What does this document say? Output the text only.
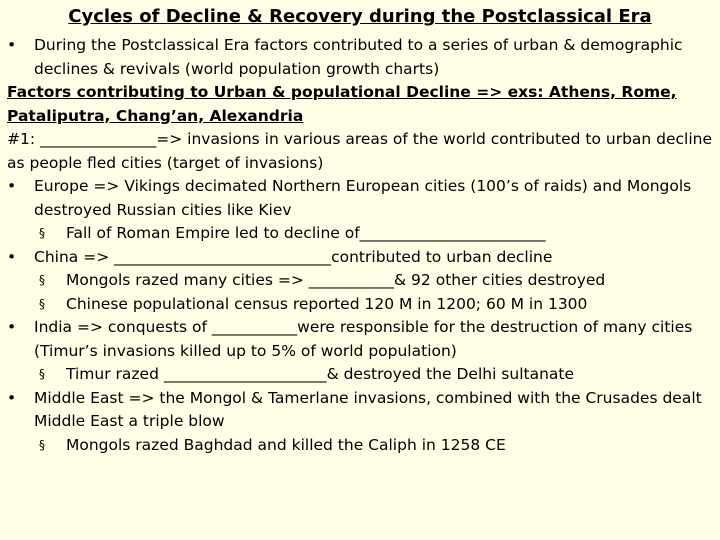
Cycles of Decline & Recovery during the Postclassical Era
•	During the Postclassical Era factors contributed to a series of urban & demographic declines & revivals (world population growth charts)
Factors contributing to Urban & populational Decline => exs: Athens, Rome, Pataliputra, Chang’an, Alexandria
#1: _______________=> invasions in various areas of the world contributed to urban decline as people fled cities (target of invasions)
•	Europe => Vikings decimated Northern European cities (100’s of raids) and Mongols destroyed Russian cities like Kiev
§	Fall of Roman Empire led to decline of________________________
•	China => ____________________________contributed to urban decline
§	Mongols razed many cities => ___________& 92 other cities destroyed
§	Chinese populational census reported 120 M in 1200; 60 M in 1300
•	India => conquests of ___________were responsible for the destruction of many cities (Timur’s invasions killed up to 5% of world population)
§	Timur razed _____________________& destroyed the Delhi sultanate
•	Middle East => the Mongol & Tamerlane invasions, combined with the Crusades dealt Middle East a triple blow
§	Mongols razed Baghdad and killed the Caliph in 1258 CE
